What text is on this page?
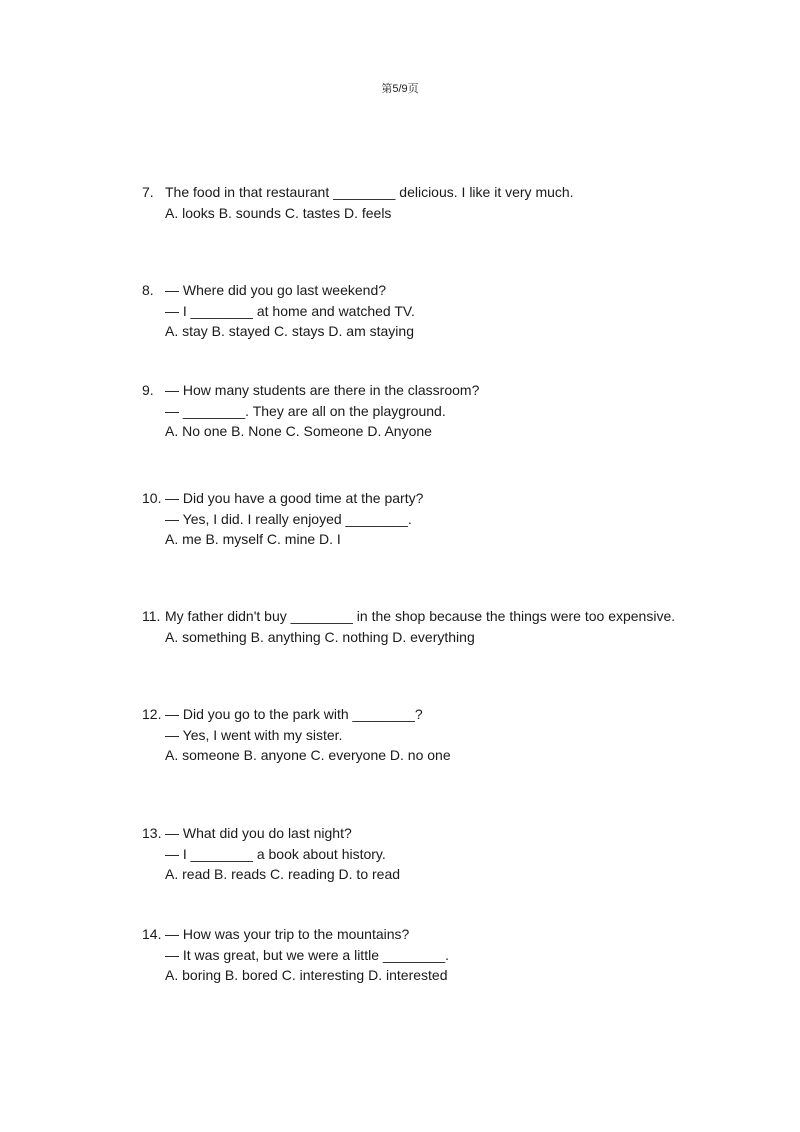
第5/9页
7. The food in that restaurant ________ delicious. I like it very much.
A. looks B. sounds C. tastes D. feels
8. — Where did you go last weekend?
— I ________ at home and watched TV.
A. stay B. stayed C. stays D. am staying
9. — How many students are there in the classroom?
— ________. They are all on the playground.
A. No one B. None C. Someone D. Anyone
10. — Did you have a good time at the party?
— Yes, I did. I really enjoyed ________.
A. me B. myself C. mine D. I
11. My father didn't buy ________ in the shop because the things were too expensive.
A. something B. anything C. nothing D. everything
12. — Did you go to the park with ________?
— Yes, I went with my sister.
A. someone B. anyone C. everyone D. no one
13. — What did you do last night?
— I ________ a book about history.
A. read B. reads C. reading D. to read
14. — How was your trip to the mountains?
— It was great, but we were a little ________.
A. boring B. bored C. interesting D. interested
